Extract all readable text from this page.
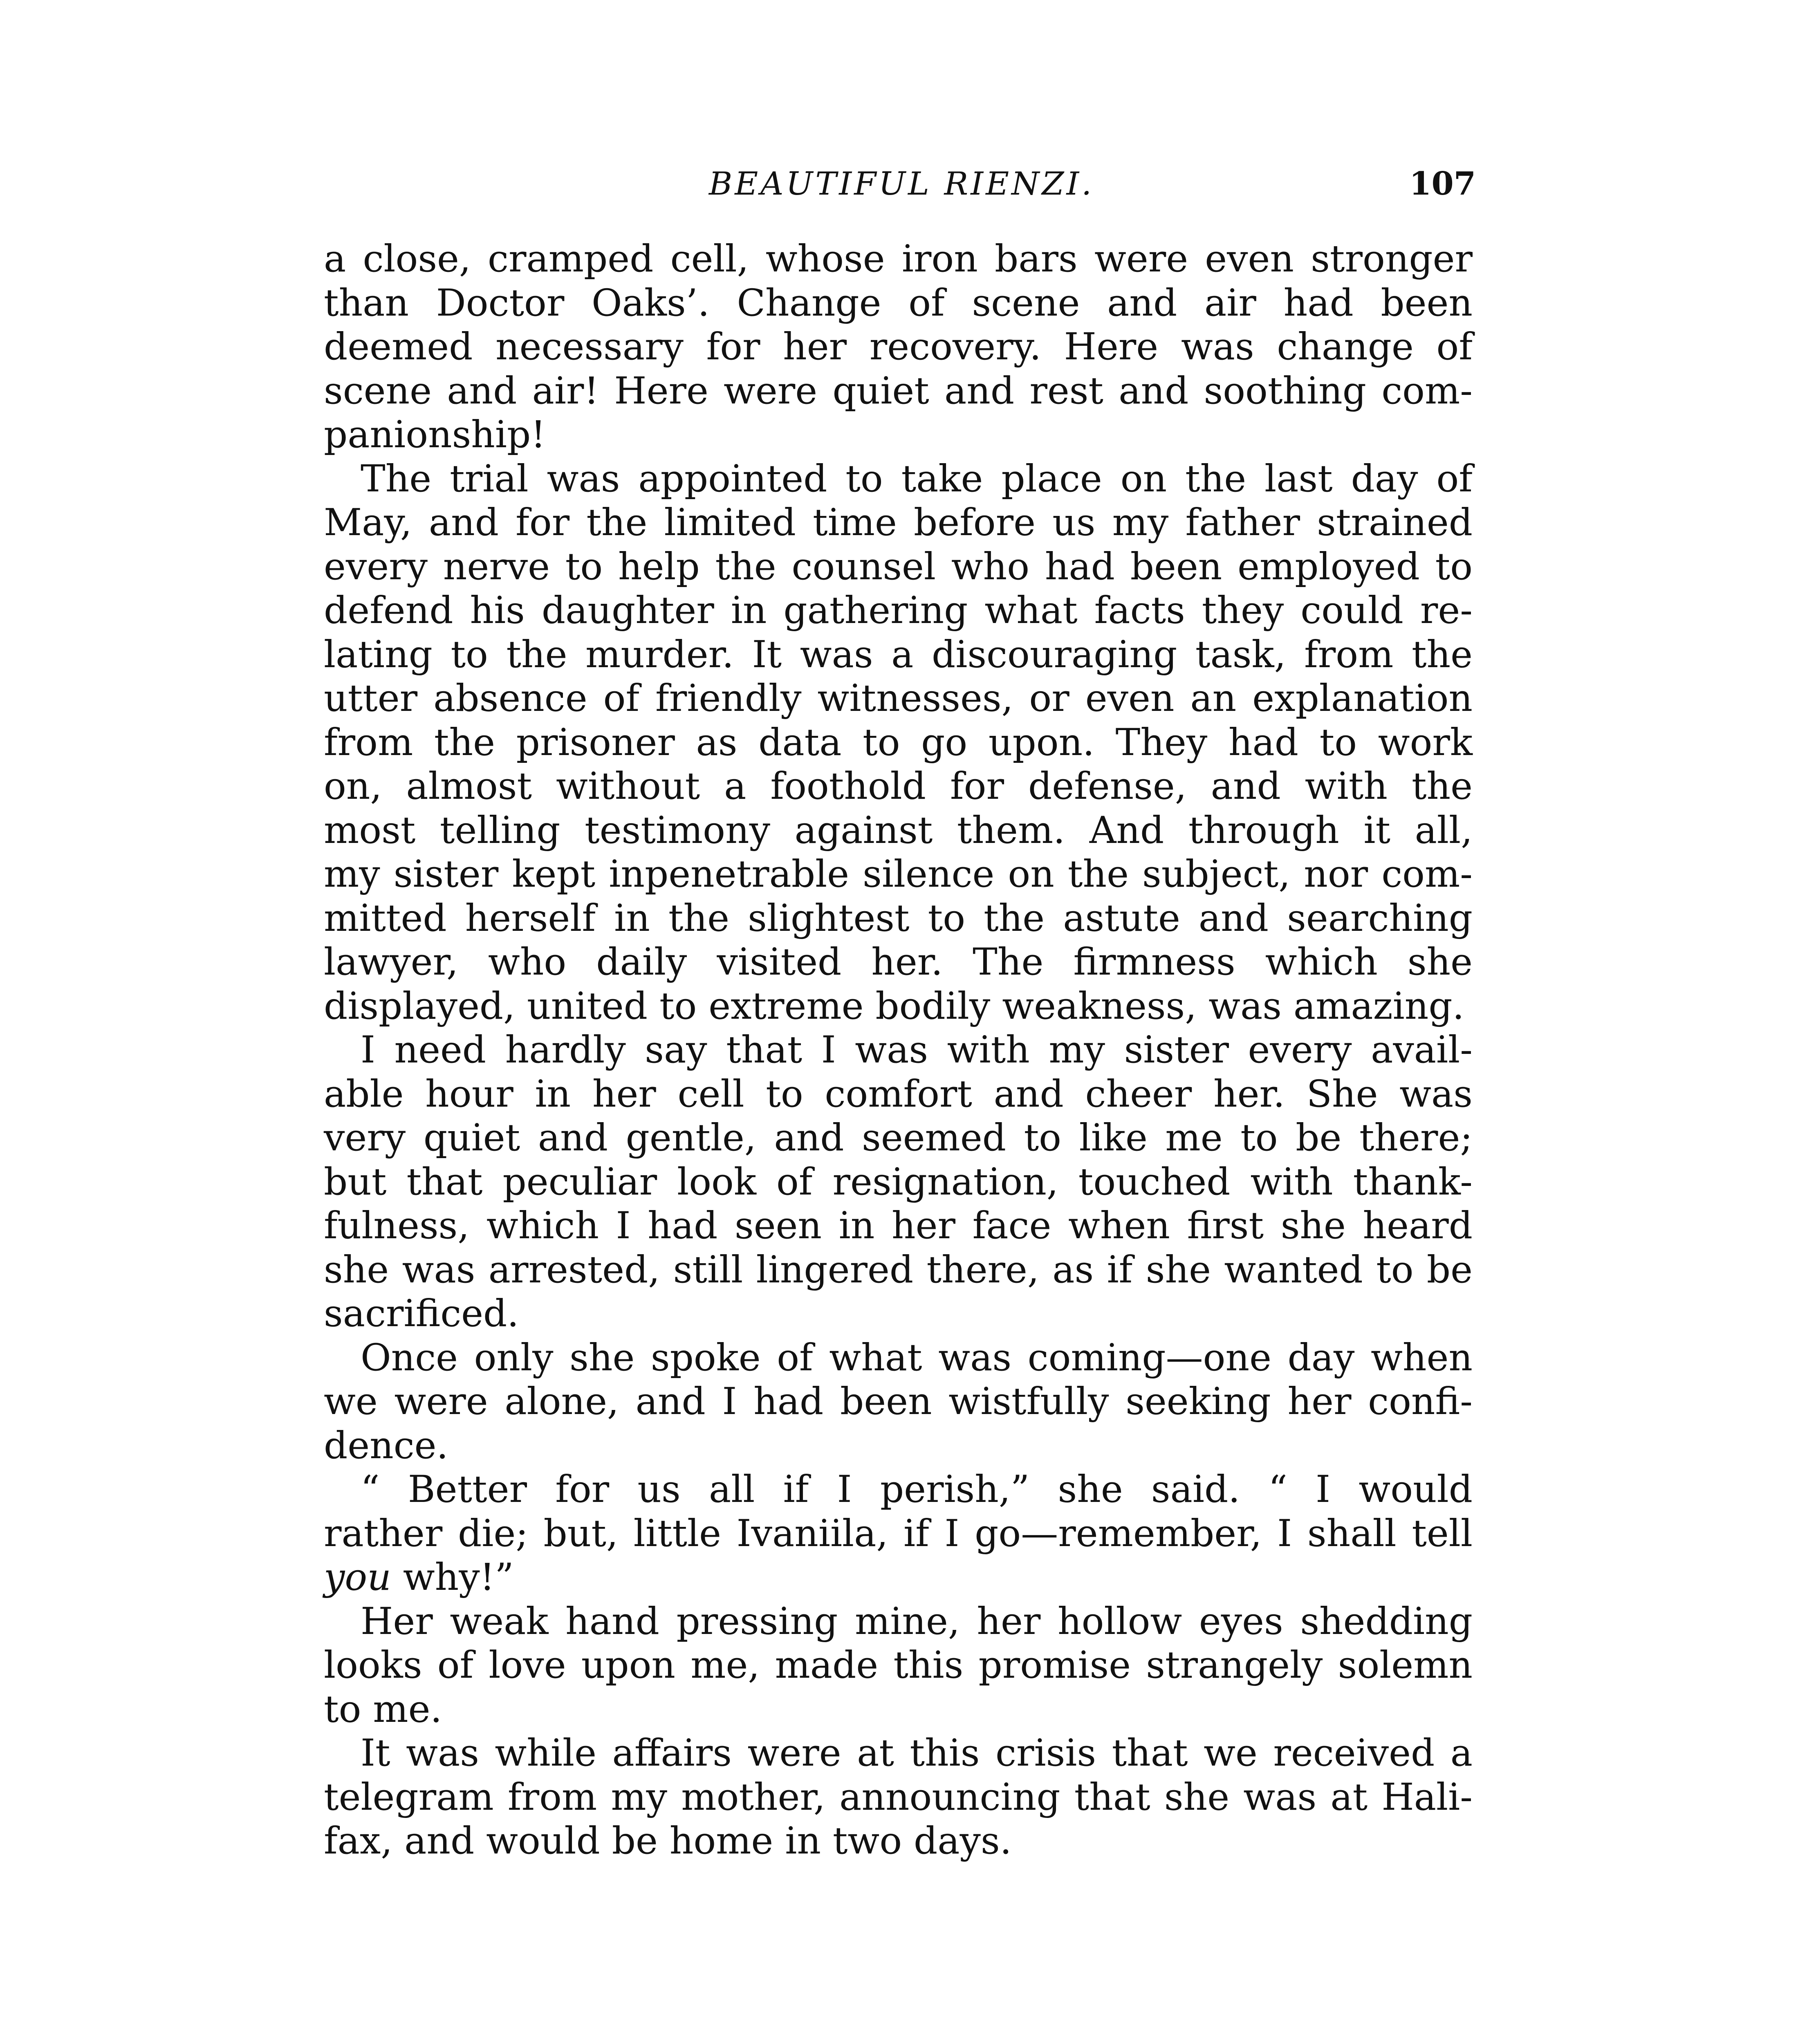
BEAUTIFUL RIENZI.	107
a close, cramped cell, whose iron bars were even stronger
than Doctor Oaks’. Change of scene and air had been
deemed necessary for her recovery. Here was change of
scene and air! Here were quiet and rest and soothing com-
panionship!
The trial was appointed to take place on the last day of
May, and for the limited time before us my father strained
every nerve to help the counsel who had been employed to
defend his daughter in gathering what facts they could re-
lating to the murder. It was a discouraging task, from the
utter absence of friendly witnesses, or even an explanation
from the prisoner as data to go upon. They had to work
on, almost without a foothold for defense, and with the
most telling testimony against them. And through it all,
my sister kept inpenetrable silence on the subject, nor com-
mitted herself in the slightest to the astute and searching
lawyer, who daily visited her. The firmness which she
displayed, united to extreme bodily weakness, was amazing.
I need hardly say that I was with my sister every avail-
able hour in her cell to comfort and cheer her. She was
very quiet and gentle, and seemed to like me to be there;
but that peculiar look of resignation, touched with thank-
fulness, which I had seen in her face when first she heard
she was arrested, still lingered there, as if she wanted to be
sacrificed.
Once only she spoke of what was coming—one day when
we were alone, and I had been wistfully seeking her confi-
dence.
“ Better for us all if I perish,” she said. “ I would
rather die; but, little Ivaniila, if I go—remember, I shall tell
you why!”
Her weak hand pressing mine, her hollow eyes shedding
looks of love upon me, made this promise strangely solemn
to me.
It was while affairs were at this crisis that we received a
telegram from my mother, announcing that she was at Hali-
fax, and would be home in two days.
